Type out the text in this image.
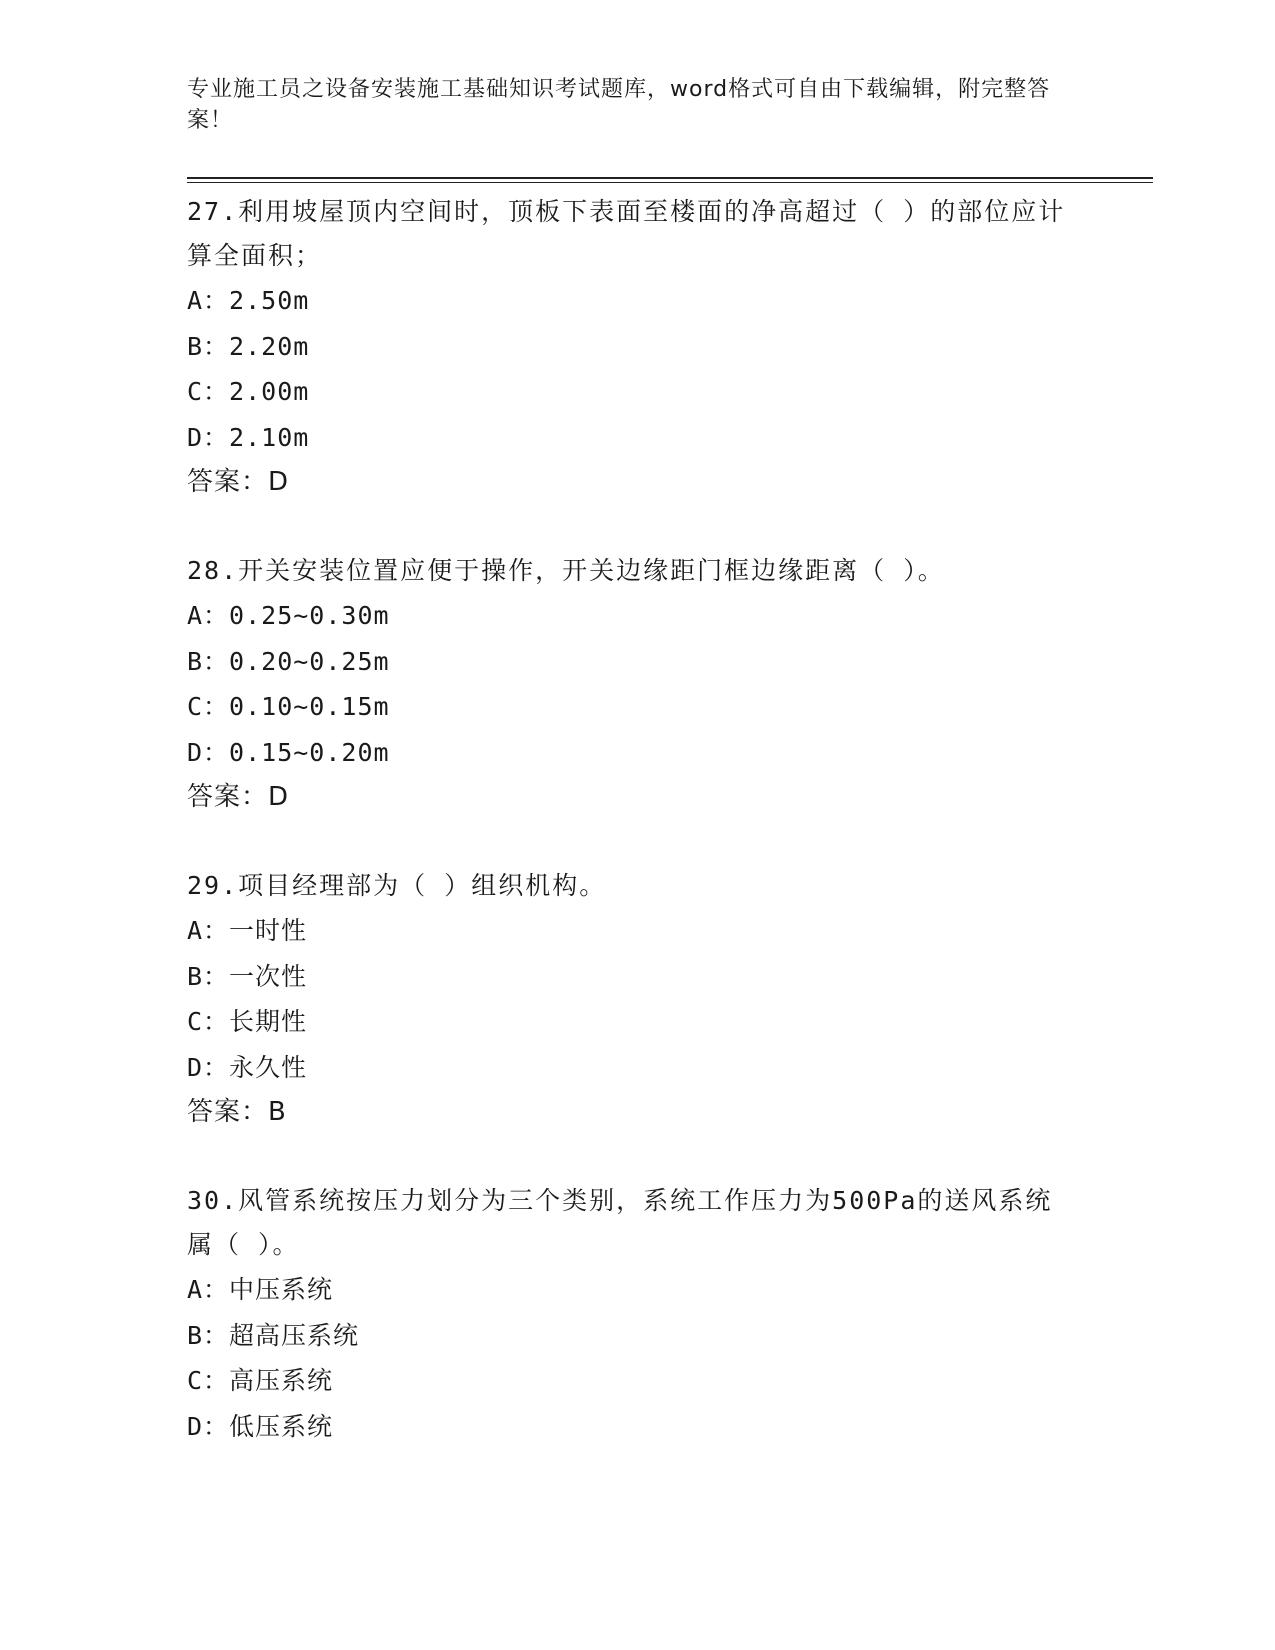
专业施工员之设备安装施工基础知识考试题库，word格式可自由下载编辑，附完整答案！

27.利用坡屋顶内空间时，顶板下表面至楼面的净高超过（ ）的部位应计算全面积；

A：2.50m

B：2.20m

C：2.00m

D：2.10m

答案：D

28.开关安装位置应便于操作，开关边缘距门框边缘距离（ ）。

A：0.25~0.30m

B：0.20~0.25m

C：0.10~0.15m

D：0.15~0.20m

答案：D

29.项目经理部为（ ）组织机构。

A：一时性

B：一次性

C：长期性

D：永久性

答案：B

30.风管系统按压力划分为三个类别，系统工作压力为500Pa的送风系统属（ ）。

A：中压系统

B：超高压系统

C：高压系统

D：低压系统
